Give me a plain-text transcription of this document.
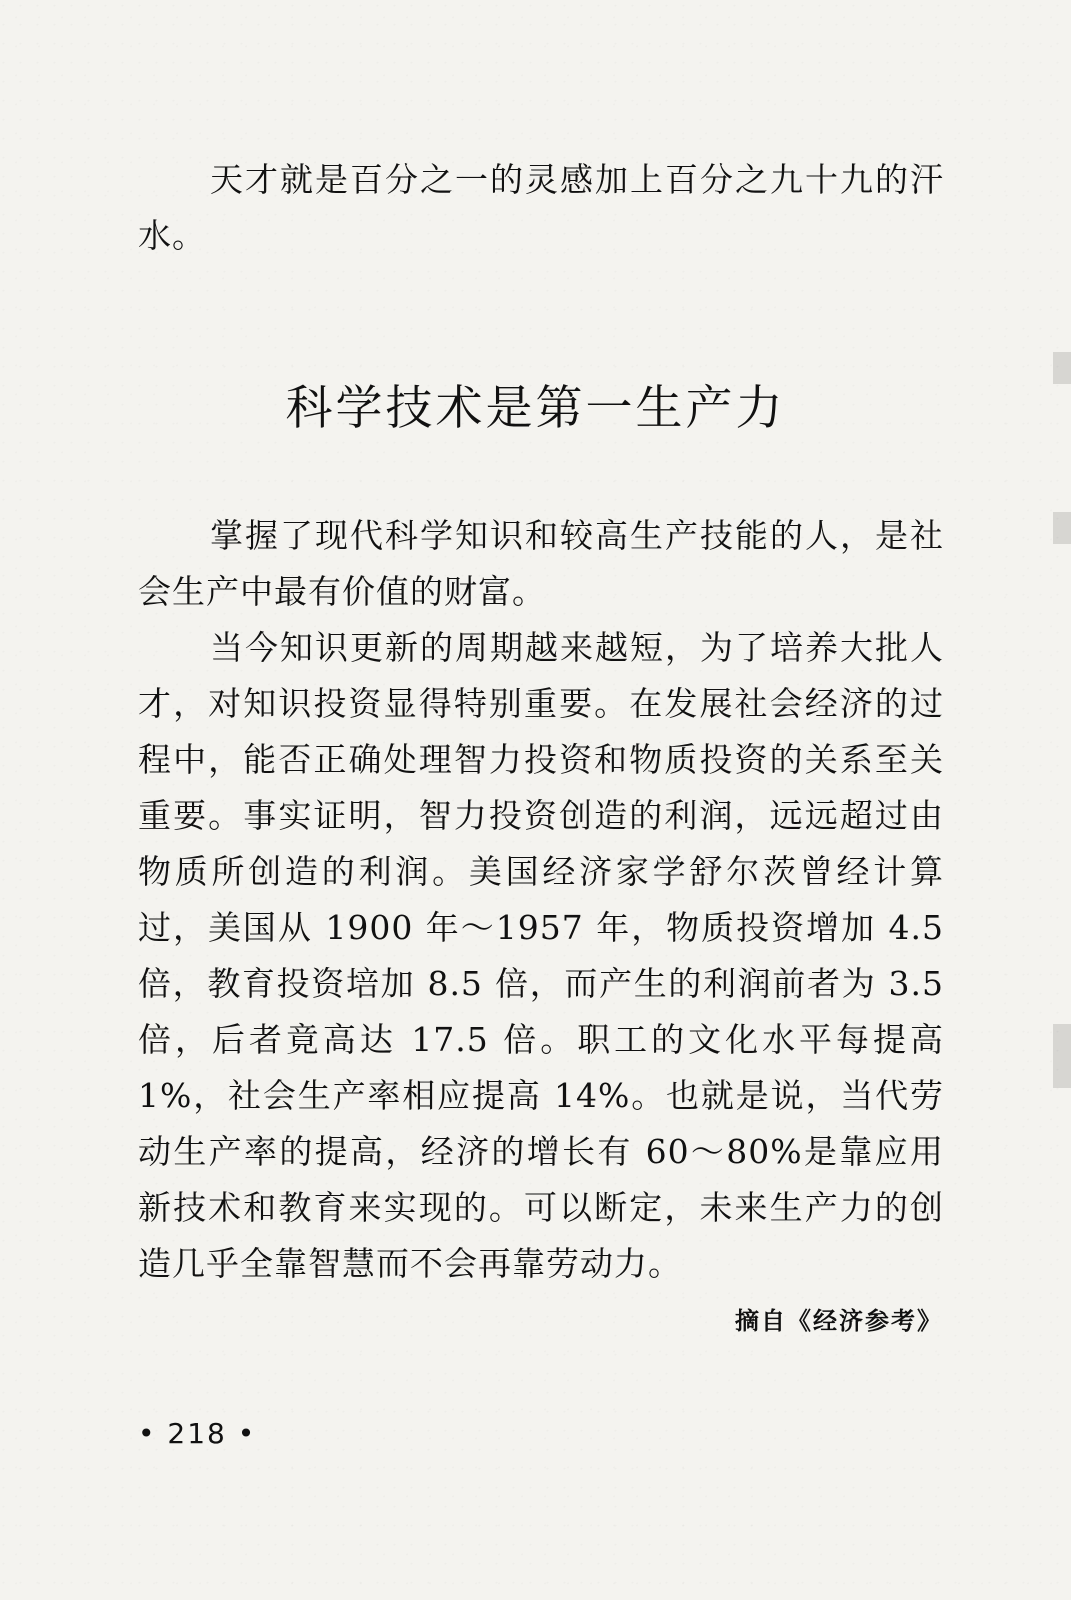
天才就是百分之一的灵感加上百分之九十九的汗水。

科学技术是第一生产力

掌握了现代科学知识和较高生产技能的人，是社会生产中最有价值的财富。

当今知识更新的周期越来越短，为了培养大批人才，对知识投资显得特别重要。在发展社会经济的过程中，能否正确处理智力投资和物质投资的关系至关重要。事实证明，智力投资创造的利润，远远超过由物质所创造的利润。美国经济家学舒尔茨曾经计算过，美国从 1900 年～1957 年，物质投资增加 4.5 倍，教育投资培加 8.5 倍，而产生的利润前者为 3.5 倍，后者竟高达 17.5 倍。职工的文化水平每提高 1%，社会生产率相应提高 14%。也就是说，当代劳动生产率的提高，经济的增长有 60～80%是靠应用新技术和教育来实现的。可以断定，未来生产力的创造几乎全靠智慧而不会再靠劳动力。

摘自《经济参考》
• 218 •
